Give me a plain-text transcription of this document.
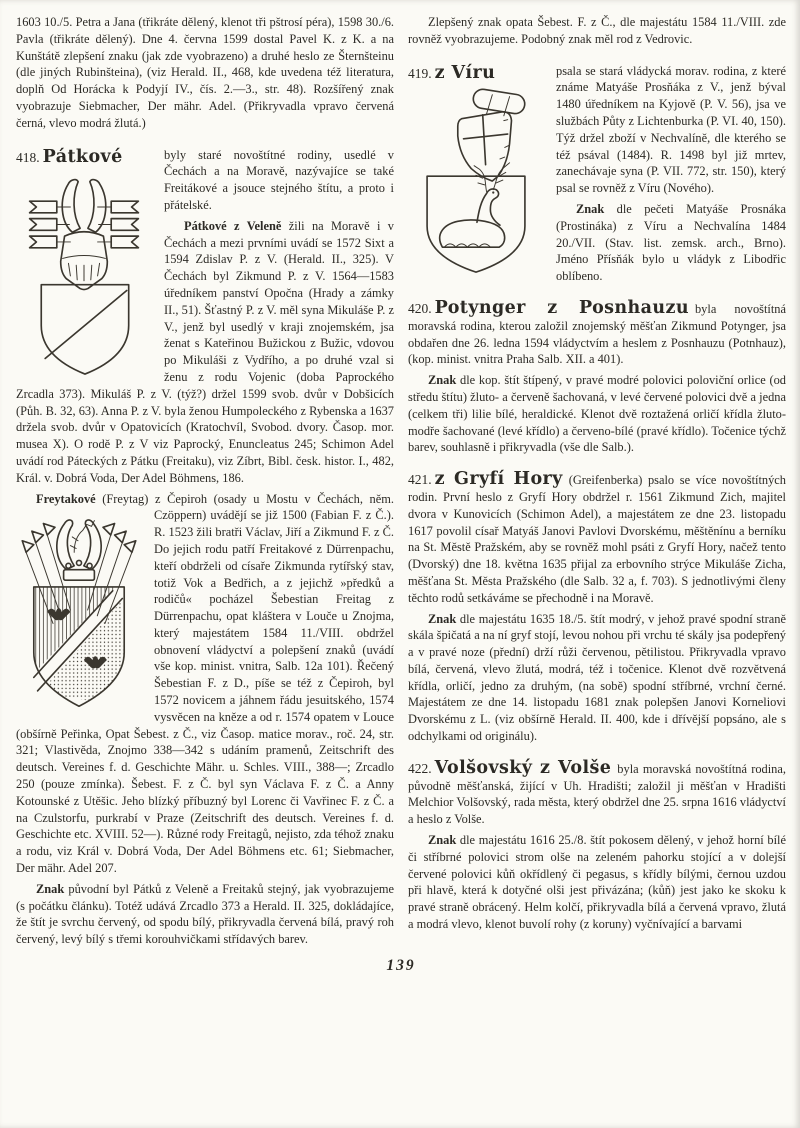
1603 10./5. Petra a Jana (třikráte dělený, klenot tři pštrosí péra), 1598 30./6. Pavla (třikráte dělený). Dne 4. června 1599 dostal Pavel K. z K. a na Kunštátě zlepšení znaku (jak zde vyobrazeno) a druhé heslo ze Šternšteinu (dle jiných Rubinšteina), (viz Herald. II., 468, kde uvedena též literatura, doplň Od Horácka k Podyjí IV., čís. 2.—3., str. 48). Rozšířený znak vyobrazuje Siebmacher, Der mähr. Adel. (Přikryvadla vpravo červená černá, vlevo modrá žlutá.)

418. Pátkové	byly staré novoštítné rodiny, usedlé v Čechách a na Moravě, nazývajíce se také Freitákové a jsouce stejného štítu, a proto i přátelské.

Pátkové z Veleně žili na Moravě i v Čechách a mezi prvními uvádí se 1572 Sixt a 1594 Zdislav P. z V. (Herald. II., 325). V Čechách byl Zikmund P. z V. 1564—1583 úředníkem panství Opočna (Hrady a zámky II., 51). Šťastný P. z V. měl syna Mikuláše P. z V., jenž byl usedlý v kraji znojemském, jsa ženat s Kateřinou Bužickou z Bužic, vdovou po Mikuláši z Vydřího, a po druhé vzal si ženu z rodu Vojenic (doba Paprockého Zrcadla 373). Mikuláš P. z V. (týž?) držel 1599 svob. dvůr v Dobšicích (Půh. B. 32, 63). Anna P. z V. byla ženou Humpoleckého z Rybenska a 1637 držela svob. dvůr v Opatovicích (Kratochvíl, Svobod. dvory. Časop. mor. musea X). O rodě P. z V viz Paprocký, Enuncleatus 245; Schimon Adel uvádí rod Páteckých z Pátku (Freitaku), viz Zíbrt, Bibl. česk. histor. I., 482, Král. v. Dobrá Voda, Der Adel Böhmens, 186.

Freytakové (Freytag) z Čepiroh (osady u Mostu v Čechách, něm. Czöppern) uvádějí se již 1500 (Fabian F. z Č.). R. 1523 žili bratři Václav, Jiří a Zikmund F. z Č. Do jejich rodu patří Freitakové z Dürrenpachu, kteří obdrželi od císaře Zikmunda rytířský stav, totiž Vok a Bedřich, a z jejichž »předků a rodičů« pocházel Šebestian Freitag z Dürrenpachu, opat kláštera v Louče u Znojma, který majestátem 1584 11./VIII. obdržel obnovení vládyctví a polepšení znaků (uvádí vše kop. minist. vnitra, Salb. 12a 101). Řečený Šebestian F. z D., píše se též z Čepiroh, byl 1572 novicem a jáhnem řádu jesuitského, 1574 vysvěcen na kněze a od r. 1574 opatem v Louce (obšírně Peřinka, Opat Šebest. z Č., viz Časop. matice morav., roč. 24, str. 321; Vlastivěda, Znojmo 338—342 s udáním pramenů, Zeitschrift des deutsch. Vereines f. d. Geschichte Mähr. u. Schles. VIII., 388—; Zrcadlo 250 (pouze zmínka). Šebest. F. z Č. byl syn Václava F. z Č. a Anny Kotounské z Utěšic. Jeho blízký příbuzný byl Lorenc či Vavřinec F. z Č. a na Czulstorfu, purkrabí v Praze (Zeitschrift des deutsch. Vereines f. d. Geschichte etc. XVIII. 52—). Různé rody Freitagů, nejisto, zda téhož znaku a rodu, viz Král v. Dobrá Voda, Der Adel Böhmens etc. 61; Siebmacher, Der mähr. Adel 207.

Znak původní byl Pátků z Veleně a Freitaků stejný, jak vyobrazujeme (s počátku článku). Totéž udává Zrcadlo 373 a Herald. II. 325, dokládajíce, že štít je svrchu červený, od spodu bílý, přikryvadla červená bílá, pravý roh červený, levý bílý s třemi korouhvičkami střídavých barev.

Zlepšený znak opata Šebest. F. z Č., dle majestátu 1584 11./VIII. zde rovněž vyobrazujeme. Podobný znak měl rod z Vedrovic.

419. z Víru	psala se stará vládycká morav. rodina, z které známe Matyáše Prosňáka z V., jenž býval 1480 úředníkem na Kyjově (P. V. 56), jsa ve službách Půty z Lichtenburka (P. VI. 40, 150). Týž držel zboží v Nechvalíně, dle kterého se též psával (1484). R. 1498 byl již mrtev, zanechávaje syna (P. VII. 772, str. 150), který psal se rovněž z Víru (Nového).

Znak dle pečeti Matyáše Prosnáka (Prostináka) z Víru a Nechvalína 1484 20./VII. (Stav. list. zemsk. arch., Brno). Jméno Přísňák bylo u vládyk z Libodřic oblíbeno.

420. Potynger z Posnhauzu byla novoštítná moravská rodina, kterou založil znojemský měšťan Zikmund Potynger, jsa obdařen dne 26. ledna 1594 vládyctvím a heslem z Posnhauzu (Potnhauz), (kop. minist. vnitra Praha Salb. XII. a 401).

Znak dle kop. štít štípený, v pravé modré polovici poloviční orlice (od středu štítu) žluto- a červeně šachovaná, v levé červené polovici dvě a jedna (celkem tři) lilie bílé, heraldické. Klenot dvě roztažená orličí křídla žluto-modře šachované (levé křídlo) a červeno-bílé (pravé křídlo). Točenice týchž barev, souhlasně i přikryvadla (vše dle Salb.).

421. z Gryfí Hory (Greifenberka) psalo se více novoštítných rodin. První heslo z Gryfí Hory obdržel r. 1561 Zikmund Zich, majitel dvora v Kunovicích (Schimon Adel), a majestátem ze dne 23. listopadu 1617 povolil císař Matyáš Janovi Pavlovi Dvorskému, měštěnínu a berníku na St. Městě Pražském, aby se rovněž mohl psáti z Gryfí Hory, načež tento (Dvorský) dne 18. května 1635 přijal za erbovního strýce Mikuláše Zicha, měšťana St. Města Pražského (dle Salb. 32 a, f. 703). S jednotlivými členy těchto rodů setkáváme se přechodně i na Moravě.

Znak dle majestátu 1635 18./5. štít modrý, v jehož pravé spodní straně skála špičatá a na ní gryf stojí, levou nohou při vrchu té skály jsa podepřený a v pravé noze (přední) drží růži červenou, pětilistou. Přikryvadla vpravo bílá, červená, vlevo žlutá, modrá, též i točenice. Klenot dvě rozvětvená křídla, orličí, jedno za druhým, (na sobě) spodní stříbrné, vrchní černé. Majestátem ze dne 14. listopadu 1681 znak polepšen Janovi Korneliovi Dvorskému z L. (viz obšírně Herald. II. 400, kde i dřívější popsáno, ale s odchylkami od originálu).

422. Volšovský z Volše byla moravská novoštítná rodina, původně měšťanská, žijící v Uh. Hradišti; založil ji měšťan v Hradišti Melchior Volšovský, rada města, který obdržel dne 25. srpna 1616 vládyctví a heslo z Volše.

Znak dle majestátu 1616 25./8. štít pokosem dělený, v jehož horní bílé či stříbrné polovici strom olše na zeleném pahorku stojící a v dolejší červené polovici kůň okřídlený či pegasus, s křídly bílými, černou uzdou při hlavě, která k dotyčné olši jest přivázána; (kůň) jest jako ke skoku k pravé straně obrácený. Helm kolčí, přikryvadla bílá a červená vpravo, žlutá a modrá vlevo, klenot buvolí rohy (z koruny) vyčnívající a barvami

139
